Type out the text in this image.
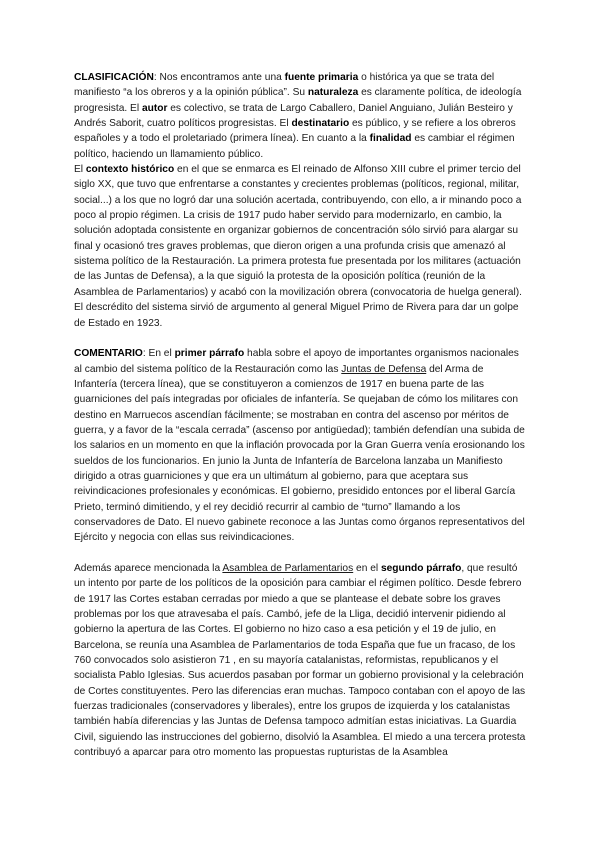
CLASIFICACIÓN: Nos encontramos ante una fuente primaria o histórica ya que se trata del manifiesto “a los obreros y a la opinión pública”. Su naturaleza es claramente política, de ideología progresista. El autor es colectivo, se trata de Largo Caballero, Daniel Anguiano, Julián Besteiro y Andrés Saborit, cuatro políticos progresistas. El destinatario es público, y se refiere a los obreros españoles y a todo el proletariado (primera línea). En cuanto a la finalidad es cambiar el régimen político, haciendo un llamamiento público.

El contexto histórico en el que se enmarca es El reinado de Alfonso XIII cubre el primer tercio del siglo XX, que tuvo que enfrentarse a constantes y crecientes problemas (políticos, regional, militar, social...) a los que no logró dar una solución acertada, contribuyendo, con ello, a ir minando poco a poco al propio régimen. La crisis de 1917 pudo haber servido para modernizarlo, en cambio, la solución adoptada consistente en organizar gobiernos de concentración sólo sirvió para alargar su final y ocasionó tres graves problemas, que dieron origen a una profunda crisis que amenazó al sistema político de la Restauración. La primera protesta fue presentada por los militares (actuación de las Juntas de Defensa), a la que siguió la protesta de la oposición política (reunión de la Asamblea de Parlamentarios) y acabó con la movilización obrera (convocatoria de huelga general). El descrédito del sistema sirvió de argumento al general Miguel Primo de Rivera para dar un golpe de Estado en 1923.

COMENTARIO: En el primer párrafo habla sobre el apoyo de importantes organismos nacionales al cambio del sistema político de la Restauración como las Juntas de Defensa del Arma de Infantería (tercera línea), que se constituyeron a comienzos de 1917 en buena parte de las guarniciones del país integradas por oficiales de infantería. Se quejaban de cómo los militares con destino en Marruecos ascendían fácilmente; se mostraban en contra del ascenso por méritos de guerra, y a favor de la “escala cerrada” (ascenso por antigüedad); también defendían una subida de los salarios en un momento en que la inflación provocada por la Gran Guerra venía erosionando los sueldos de los funcionarios. En junio la Junta de Infantería de Barcelona lanzaba un Manifiesto dirigido a otras guarniciones y que era un ultimátum al gobierno, para que aceptara sus reivindicaciones profesionales y económicas. El gobierno, presidido entonces por el liberal García Prieto, terminó dimitiendo, y el rey decidió recurrir al cambio de “turno” llamando a los conservadores de Dato. El nuevo gabinete reconoce a las Juntas como órganos representativos del Ejército y negocia con ellas sus reivindicaciones.

Además aparece mencionada la Asamblea de Parlamentarios en el segundo párrafo, que resultó un intento por parte de los políticos de la oposición para cambiar el régimen político. Desde febrero de 1917 las Cortes estaban cerradas por miedo a que se plantease el debate sobre los graves problemas por los que atravesaba el país. Cambó, jefe de la Lliga, decidió intervenir pidiendo al gobierno la apertura de las Cortes. El gobierno no hizo caso a esa petición y el 19 de julio, en Barcelona, se reunía una Asamblea de Parlamentarios de toda España que fue un fracaso, de los 760 convocados solo asistieron 71 , en su mayoría catalanistas, reformistas, republicanos y el socialista Pablo Iglesias. Sus acuerdos pasaban por formar un gobierno provisional y la celebración de Cortes constituyentes. Pero las diferencias eran muchas. Tampoco contaban con el apoyo de las fuerzas tradicionales (conservadores y liberales), entre los grupos de izquierda y los catalanistas también había diferencias y las Juntas de Defensa tampoco admitían estas iniciativas. La Guardia Civil, siguiendo las instrucciones del gobierno, disolvió la Asamblea. El miedo a una tercera protesta contribuyó a aparcar para otro momento las propuestas rupturistas de la Asamblea
